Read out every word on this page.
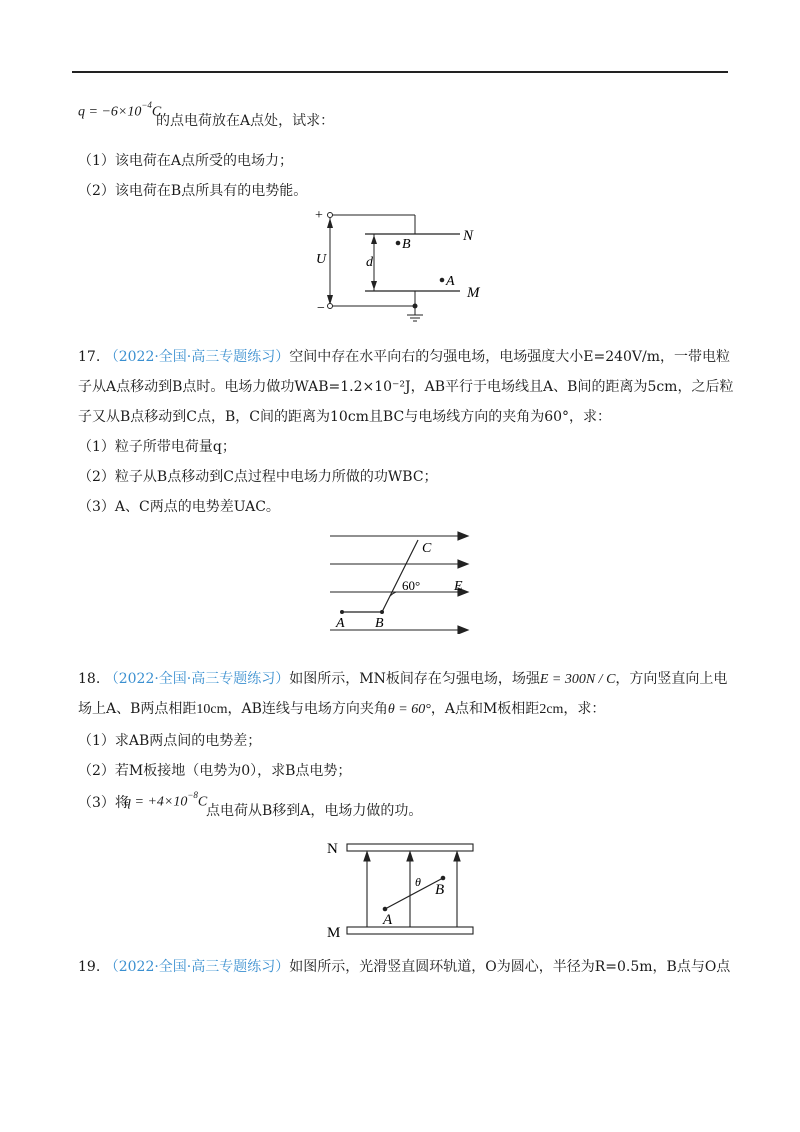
$q = -6\times 10^{-4}C$
的点电荷放在A点处，试求：
（1）该电荷在A点所受的电场力；
（2）该电荷在B点所具有的电势能。
+
N
U	d
B
A
M
−
17. （2022·全国·高三专题练习）空间中存在水平向右的匀强电场，电场强度大小E=240V/m，一带电粒
子从A点移动到B点时。电场力做功WAB=1.2×10⁻²J，AB平行于电场线且A、B间的距离为5cm，之后粒
子又从B点移动到C点，B，C间的距离为10cm且BC与电场线方向的夹角为60°，求：
（1）粒子所带电荷量q；
（2）粒子从B点移动到C点过程中电场力所做的功WBC；
（3）A、C两点的电势差UAC。
C
60° E
A B
18. （2022·全国·高三专题练习）如图所示，MN板间存在匀强电场，场强E = 300N / C，方向竖直向上电
场上A、B两点相距10cm，AB连线与电场方向夹角θ = 60°，A点和M板相距2cm，求：
（1）求AB两点间的电势差；
（2）若M板接地（电势为0），求B点电势；
（3）将
$q = +4\times 10^{-8}C$
点电荷从B移到A，电场力做的功。
N
M
θ B
A
19. （2022·全国·高三专题练习）如图所示，光滑竖直圆环轨道，O为圆心，半径为R=0.5m，B点与O点
